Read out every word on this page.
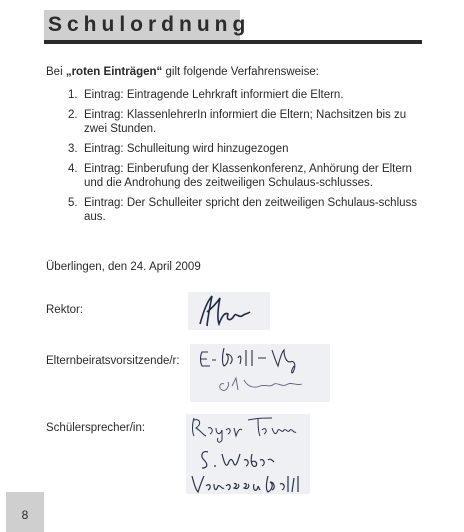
Schulordnung
Bei „roten Einträgen“ gilt folgende Verfahrensweise:
1. Eintrag: Eintragende Lehrkraft informiert die Eltern.
2. Eintrag: KlassenlehrerIn informiert die Eltern; Nachsitzen bis zu zwei Stunden.
3. Eintrag: Schulleitung wird hinzugezogen
4. Eintrag: Einberufung der Klassenkonferenz, Anhörung der Eltern und die Androhung des zeitweiligen Schulaus-schlusses.
5. Eintrag: Der Schulleiter spricht den zeitweiligen Schulaus-schluss aus.
Überlingen, den 24. April 2009
Rektor:
Elternbeiratsvorsitzende/r:
Schülersprecher/in:
8
